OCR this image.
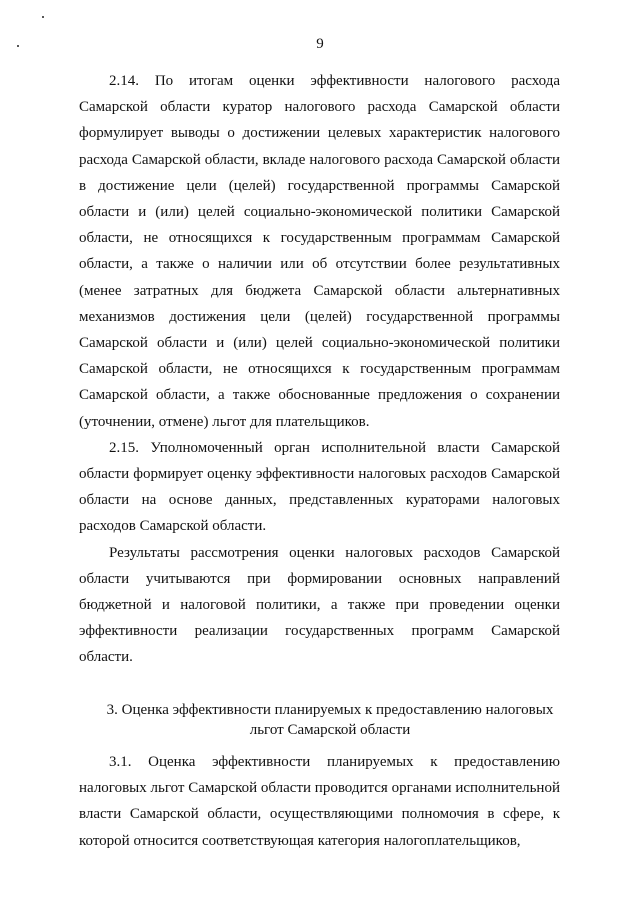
9

2.14. По итогам оценки эффективности налогового расхода Самарской области куратор налогового расхода Самарской области формулирует выводы о достижении целевых характеристик налогового расхода Самарской области, вкладе налогового расхода Самарской области в достижение цели (целей) государственной программы Самарской области и (или) целей социально-экономической политики Самарской области, не относящихся к государственным программам Самарской области, а также о наличии или об отсутствии более результативных (менее затратных для бюджета Самарской области альтернативных механизмов достижения цели (целей) государственной программы Самарской области и (или) целей социально-экономической политики Самарской области, не относящихся к государственным программам Самарской области, а также обоснованные предложения о сохранении (уточнении, отмене) льгот для плательщиков.

2.15. Уполномоченный орган исполнительной власти Самарской области формирует оценку эффективности налоговых расходов Самарской области на основе данных, представленных кураторами налоговых расходов Самарской области.

Результаты рассмотрения оценки налоговых расходов Самарской области учитываются при формировании основных направлений бюджетной и налоговой политики, а также при проведении оценки эффективности реализации государственных программ Самарской области.

3. Оценка эффективности планируемых к предоставлению налоговых льгот Самарской области

3.1. Оценка эффективности планируемых к предоставлению налоговых льгот Самарской области проводится органами исполнительной власти Самарской области, осуществляющими полномочия в сфере, к которой относится соответствующая категория налогоплательщиков,
